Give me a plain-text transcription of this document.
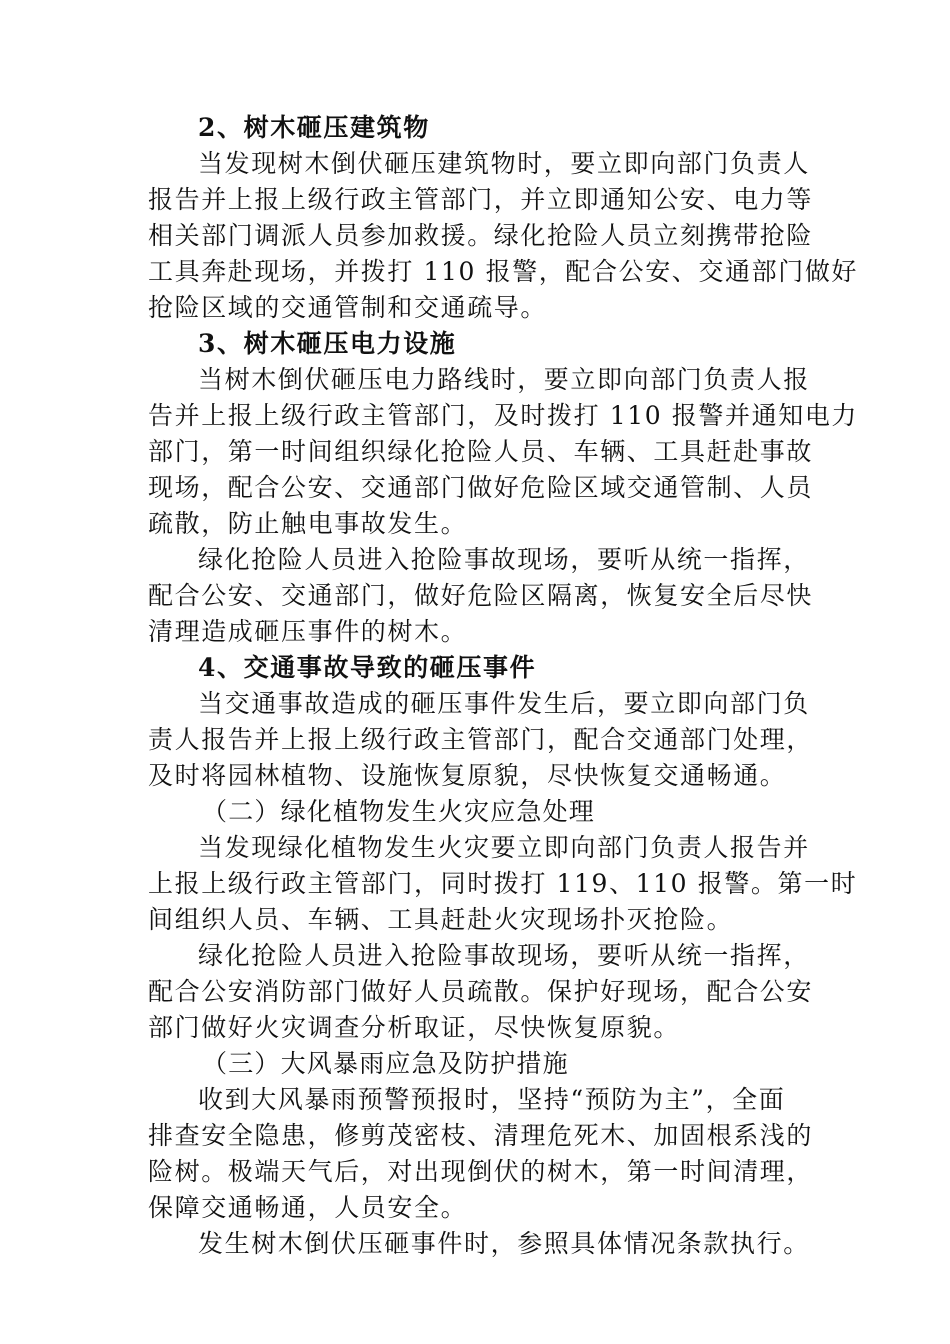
2、树木砸压建筑物
当发现树木倒伏砸压建筑物时，要立即向部门负责人
报告并上报上级行政主管部门，并立即通知公安、电力等
相关部门调派人员参加救援。绿化抢险人员立刻携带抢险
工具奔赴现场，并拨打 110 报警，配合公安、交通部门做好
抢险区域的交通管制和交通疏导。
3、树木砸压电力设施
当树木倒伏砸压电力路线时，要立即向部门负责人报
告并上报上级行政主管部门，及时拨打 110 报警并通知电力
部门，第一时间组织绿化抢险人员、车辆、工具赶赴事故
现场，配合公安、交通部门做好危险区域交通管制、人员
疏散，防止触电事故发生。
绿化抢险人员进入抢险事故现场，要听从统一指挥，
配合公安、交通部门，做好危险区隔离，恢复安全后尽快
清理造成砸压事件的树木。
4、交通事故导致的砸压事件
当交通事故造成的砸压事件发生后，要立即向部门负
责人报告并上报上级行政主管部门，配合交通部门处理，
及时将园林植物、设施恢复原貌，尽快恢复交通畅通。
（二）绿化植物发生火灾应急处理
当发现绿化植物发生火灾要立即向部门负责人报告并
上报上级行政主管部门，同时拨打 119、110 报警。第一时
间组织人员、车辆、工具赶赴火灾现场扑灭抢险。
绿化抢险人员进入抢险事故现场，要听从统一指挥，
配合公安消防部门做好人员疏散。保护好现场，配合公安
部门做好火灾调查分析取证，尽快恢复原貌。
（三）大风暴雨应急及防护措施
收到大风暴雨预警预报时，坚持“预防为主”，全面
排查安全隐患，修剪茂密枝、清理危死木、加固根系浅的
险树。极端天气后，对出现倒伏的树木，第一时间清理，
保障交通畅通，人员安全。
发生树木倒伏压砸事件时，参照具体情况条款执行。
